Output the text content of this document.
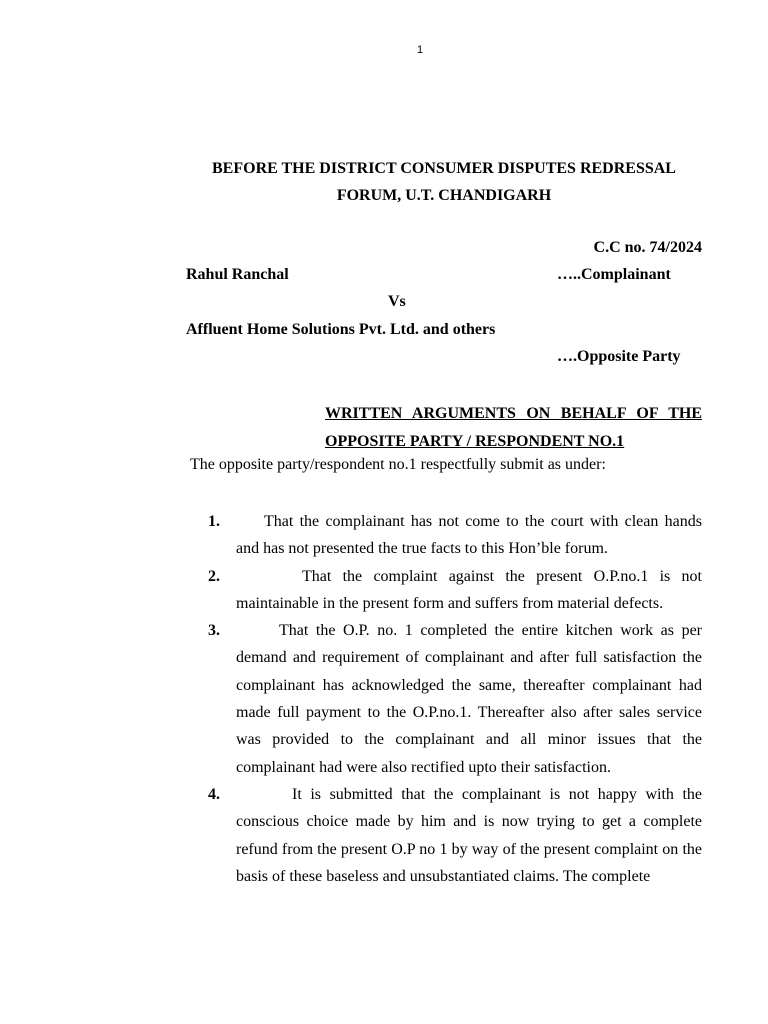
1
BEFORE THE DISTRICT CONSUMER DISPUTES REDRESSAL
FORUM, U.T. CHANDIGARH
C.C no. 74/2024
Rahul Ranchal	…..Complainant
Vs
Affluent Home Solutions Pvt. Ltd. and others
….Opposite Party
WRITTEN ARGUMENTS ON BEHALF OF THE
OPPOSITE PARTY / RESPONDENT NO.1
The opposite party/respondent no.1 respectfully submit as under:
1.	That the complainant has not come to the court with clean hands and has not presented the true facts to this Hon’ble forum.
2.	That the complaint against the present O.P.no.1 is not maintainable in the present form and suffers from material defects.
3.	That the O.P. no. 1 completed the entire kitchen work as per demand and requirement of complainant and after full satisfaction the complainant has acknowledged the same, thereafter complainant had made full payment to the O.P.no.1. Thereafter also after sales service was provided to the complainant and all minor issues that the complainant had were also rectified upto their satisfaction.
4.	It is submitted that the complainant is not happy with the conscious choice made by him and is now trying to get a complete refund from the present O.P no 1 by way of the present complaint on the basis of these baseless and unsubstantiated claims. The complete
